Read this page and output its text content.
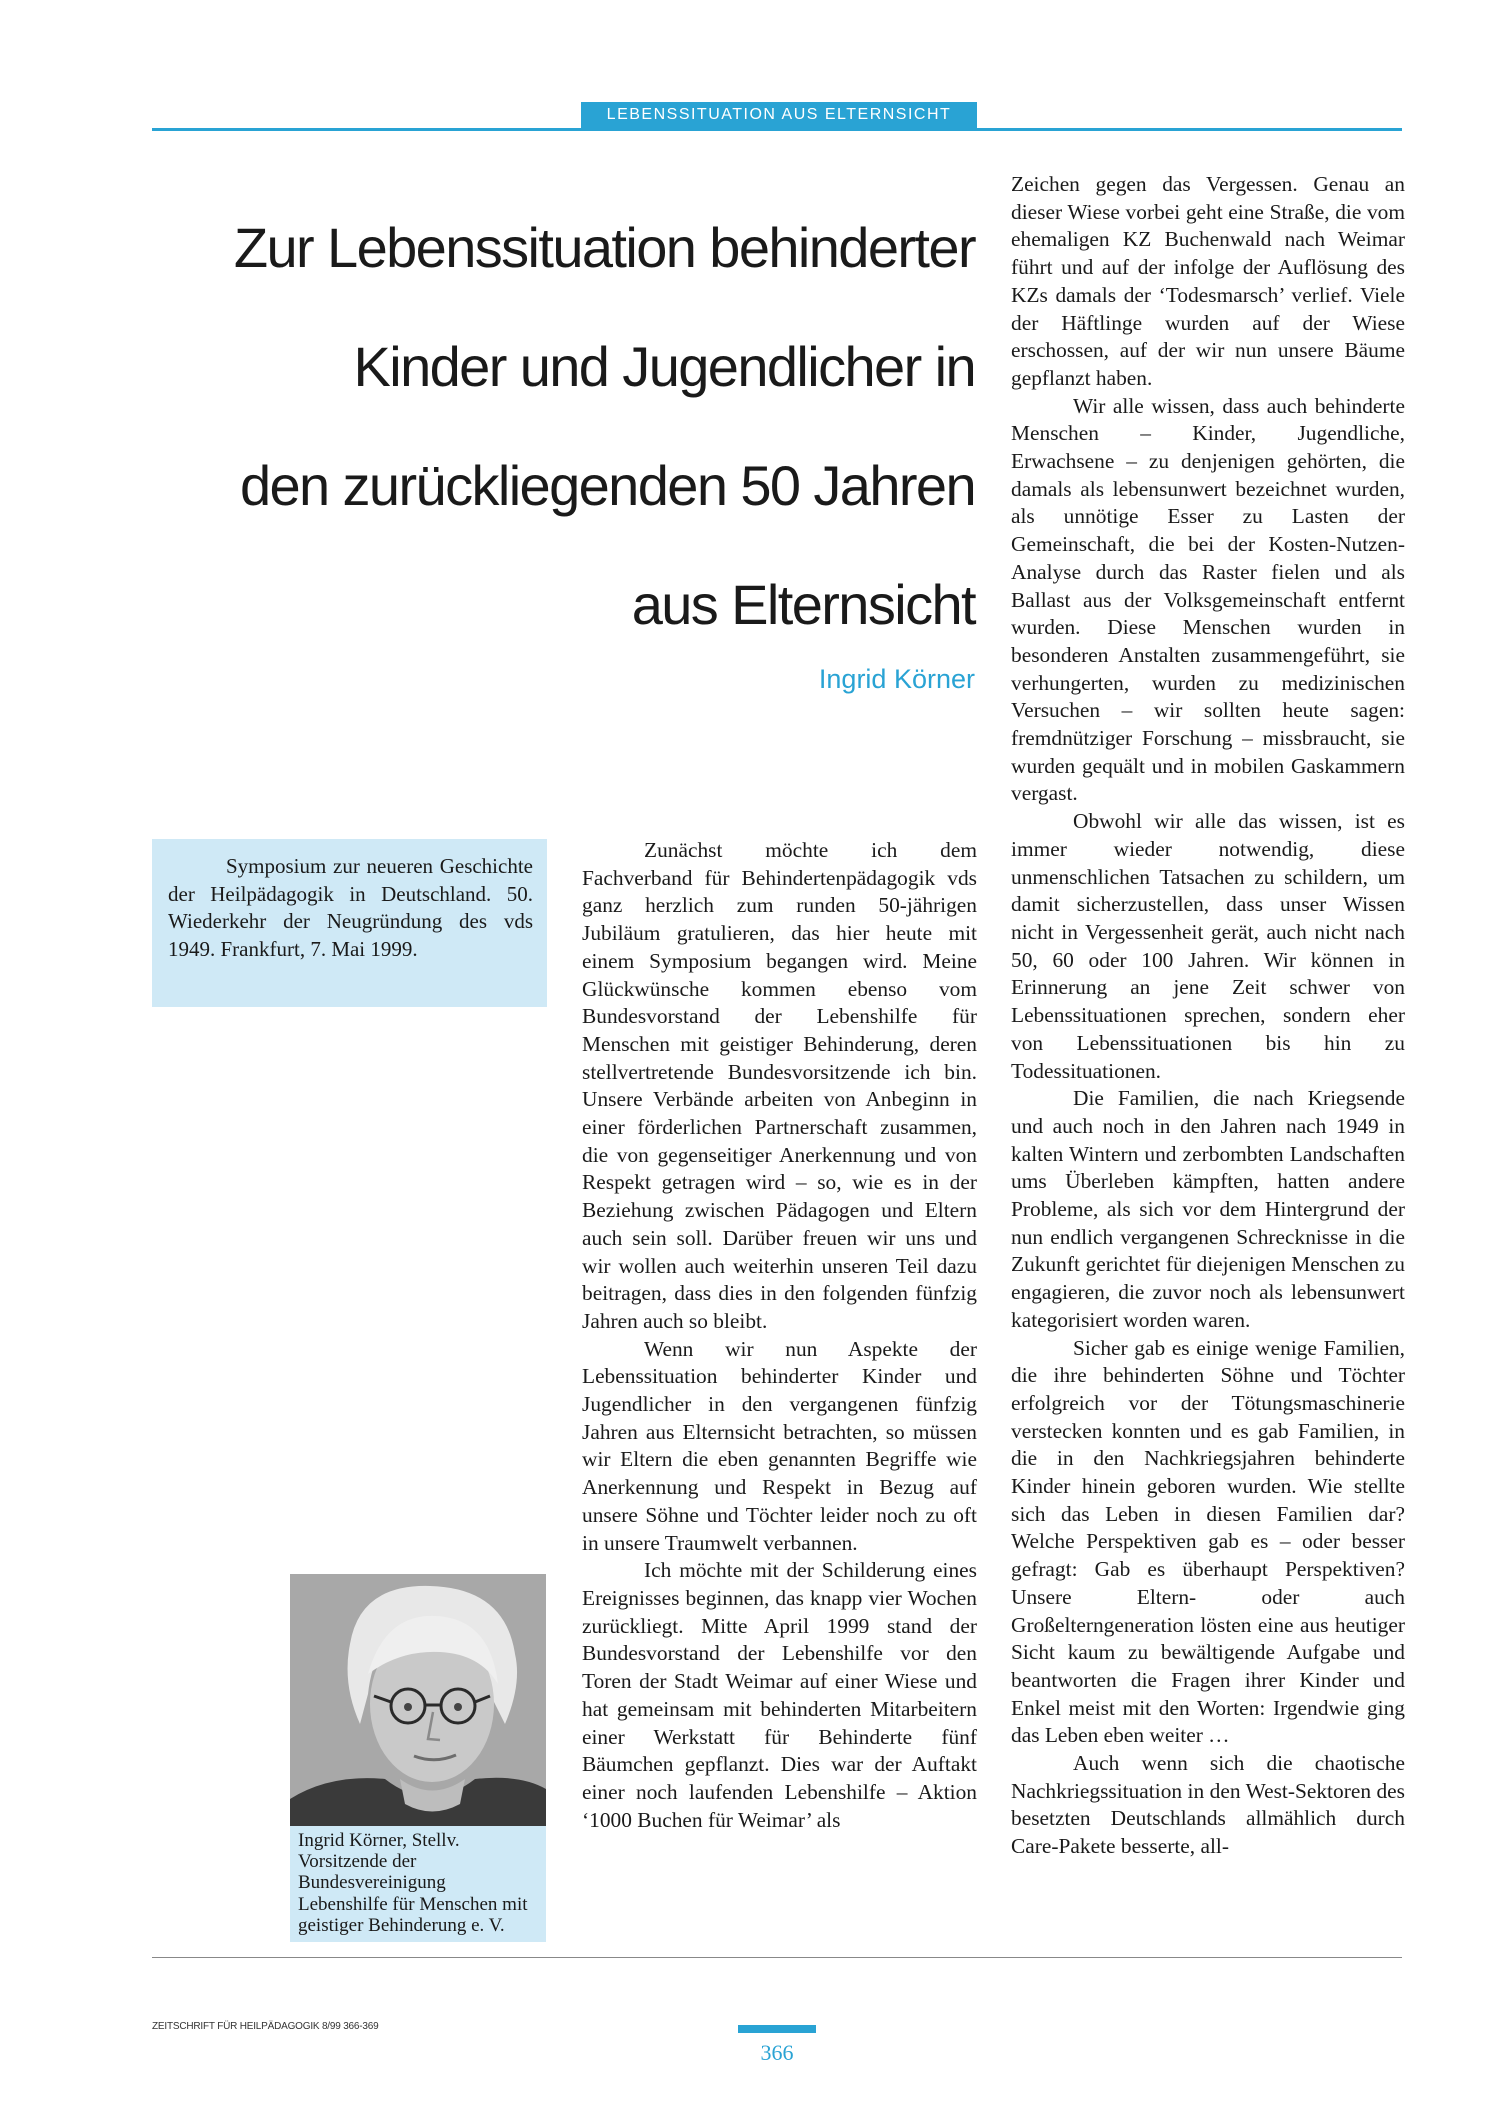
LEBENSSITUATION AUS ELTERNSICHT
Zur Lebenssituation behinderter
Kinder und Jugendlicher in
den zurückliegenden 50 Jahren
aus Elternsicht
Ingrid Körner

Symposium zur neueren Geschichte der Heilpädagogik in Deutschland. 50. Wiederkehr der Neugründung des vds 1949. Frankfurt, 7. Mai 1999.

Ingrid Körner, Stellv. Vorsitzende der Bundesvereinigung Lebenshilfe für Menschen mit geistiger Behinderung e. V.

Zunächst möchte ich dem Fachverband für Behindertenpädagogik vds ganz herzlich zum runden 50-jährigen Jubiläum gratulieren, das hier heute mit einem Symposium begangen wird. Meine Glückwünsche kommen ebenso vom Bundesvorstand der Lebenshilfe für Menschen mit geistiger Behinderung, deren stellvertretende Bundesvorsitzende ich bin. Unsere Verbände arbeiten von Anbeginn in einer förderlichen Partnerschaft zusammen, die von gegenseitiger Anerkennung und von Respekt getragen wird – so, wie es in der Beziehung zwischen Pädagogen und Eltern auch sein soll. Darüber freuen wir uns und wir wollen auch weiterhin unseren Teil dazu beitragen, dass dies in den folgenden fünfzig Jahren auch so bleibt.

Wenn wir nun Aspekte der Lebenssituation behinderter Kinder und Jugendlicher in den vergangenen fünfzig Jahren aus Elternsicht betrachten, so müssen wir Eltern die eben genannten Begriffe wie Anerkennung und Respekt in Bezug auf unsere Söhne und Töchter leider noch zu oft in unsere Traumwelt verbannen.

Ich möchte mit der Schilderung eines Ereignisses beginnen, das knapp vier Wochen zurückliegt. Mitte April 1999 stand der Bundesvorstand der Lebenshilfe vor den Toren der Stadt Weimar auf einer Wiese und hat gemeinsam mit behinderten Mitarbeitern einer Werkstatt für Behinderte fünf Bäumchen gepflanzt. Dies war der Auftakt einer noch laufenden Lebenshilfe – Aktion ‘1000 Buchen für Weimar’ als

Zeichen gegen das Vergessen. Genau an dieser Wiese vorbei geht eine Straße, die vom ehemaligen KZ Buchenwald nach Weimar führt und auf der infolge der Auflösung des KZs damals der ‘Todesmarsch’ verlief. Viele der Häftlinge wurden auf der Wiese erschossen, auf der wir nun unsere Bäume gepflanzt haben.

Wir alle wissen, dass auch behinderte Menschen – Kinder, Jugendliche, Erwachsene – zu denjenigen gehörten, die damals als lebensunwert bezeichnet wurden, als unnötige Esser zu Lasten der Gemeinschaft, die bei der Kosten-Nutzen-Analyse durch das Raster fielen und als Ballast aus der Volksgemeinschaft entfernt wurden. Diese Menschen wurden in besonderen Anstalten zusammengeführt, sie verhungerten, wurden zu medizinischen Versuchen – wir sollten heute sagen: fremdnütziger Forschung – missbraucht, sie wurden gequält und in mobilen Gaskammern vergast.

Obwohl wir alle das wissen, ist es immer wieder notwendig, diese unmenschlichen Tatsachen zu schildern, um damit sicherzustellen, dass unser Wissen nicht in Vergessenheit gerät, auch nicht nach 50, 60 oder 100 Jahren. Wir können in Erinnerung an jene Zeit schwer von Lebenssituationen sprechen, sondern eher von Lebenssituationen bis hin zu Todessituationen.

Die Familien, die nach Kriegsende und auch noch in den Jahren nach 1949 in kalten Wintern und zerbombten Landschaften ums Überleben kämpften, hatten andere Probleme, als sich vor dem Hintergrund der nun endlich vergangenen Schrecknisse in die Zukunft gerichtet für diejenigen Menschen zu engagieren, die zuvor noch als lebensunwert kategorisiert worden waren.

Sicher gab es einige wenige Familien, die ihre behinderten Söhne und Töchter erfolgreich vor der Tötungsmaschinerie verstecken konnten und es gab Familien, in die in den Nachkriegsjahren behinderte Kinder hinein geboren wurden. Wie stellte sich das Leben in diesen Familien dar? Welche Perspektiven gab es – oder besser gefragt: Gab es überhaupt Perspektiven? Unsere Eltern- oder auch Großelterngeneration lösten eine aus heutiger Sicht kaum zu bewältigende Aufgabe und beantworten die Fragen ihrer Kinder und Enkel meist mit den Worten: Irgendwie ging das Leben eben weiter …

Auch wenn sich die chaotische Nachkriegssituation in den West-Sektoren des besetzten Deutschlands allmählich durch Care-Pakete besserte, all-

ZEITSCHRIFT FÜR HEILPÄDAGOGIK 8/99 366-369
366
